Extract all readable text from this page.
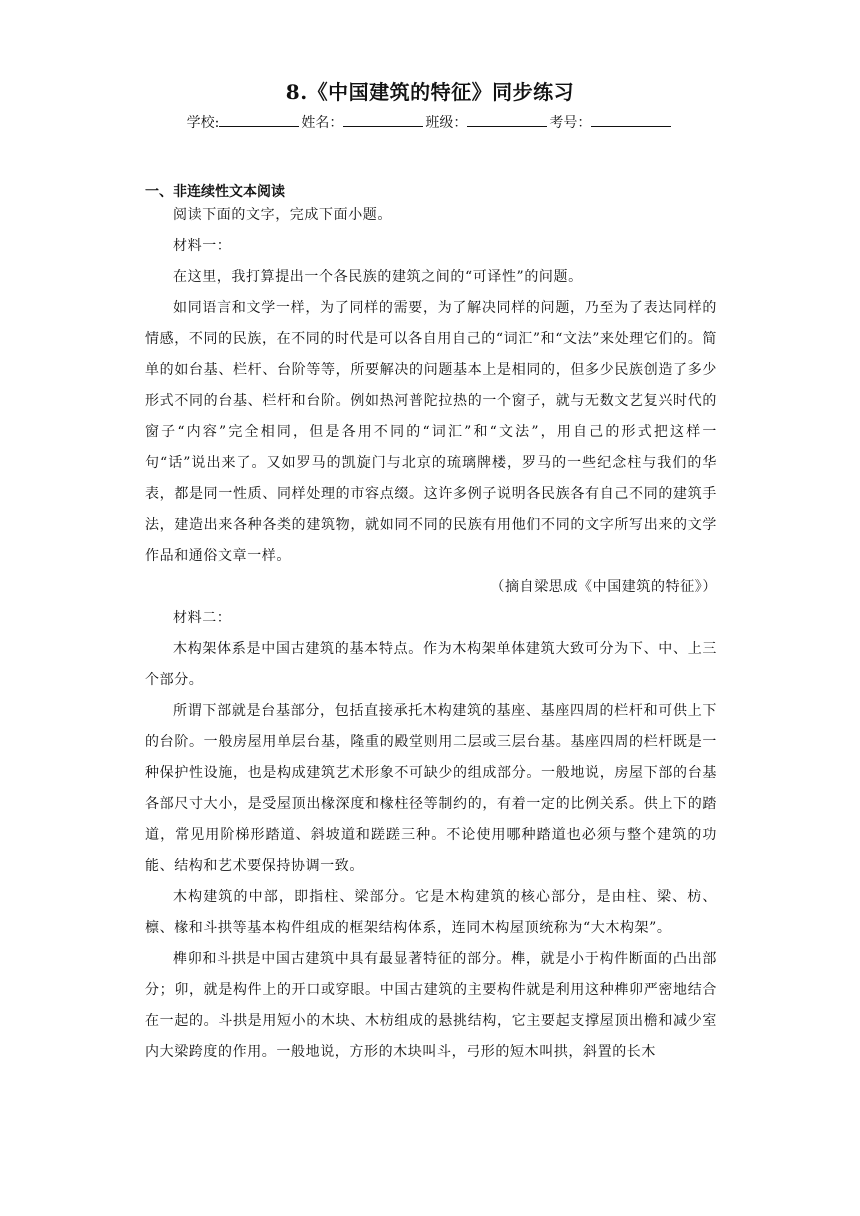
8.《中国建筑的特征》同步练习
学校:	姓名：	班级：	考号：
一、非连续性文本阅读

阅读下面的文字，完成下面小题。

材料一：

在这里，我打算提出一个各民族的建筑之间的“可译性”的问题。

如同语言和文学一样，为了同样的需要，为了解决同样的问题，乃至为了表达同样的情感，不同的民族，在不同的时代是可以各自用自己的“词汇”和“文法”来处理它们的。简单的如台基、栏杆、台阶等等，所要解决的问题基本上是相同的，但多少民族创造了多少形式不同的台基、栏杆和台阶。例如热河普陀拉热的一个窗子，就与无数文艺复兴时代的窗子“内容”完全相同，但是各用不同的“词汇”和“文法”，用自己的形式把这样一句“话”说出来了。又如罗马的凯旋门与北京的琉璃牌楼，罗马的一些纪念柱与我们的华表，都是同一性质、同样处理的市容点缀。这许多例子说明各民族各有自己不同的建筑手法，建造出来各种各类的建筑物，就如同不同的民族有用他们不同的文字所写出来的文学作品和通俗文章一样。

（摘自梁思成《中国建筑的特征》）

材料二：

木构架体系是中国古建筑的基本特点。作为木构架单体建筑大致可分为下、中、上三个部分。

所谓下部就是台基部分，包括直接承托木构建筑的基座、基座四周的栏杆和可供上下的台阶。一般房屋用单层台基，隆重的殿堂则用二层或三层台基。基座四周的栏杆既是一种保护性设施，也是构成建筑艺术形象不可缺少的组成部分。一般地说，房屋下部的台基各部尺寸大小，是受屋顶出椽深度和椽柱径等制约的，有着一定的比例关系。供上下的踏道，常见用阶梯形踏道、斜坡道和蹉蹉三种。不论使用哪种踏道也必须与整个建筑的功能、结构和艺术要保持协调一致。

木构建筑的中部，即指柱、梁部分。它是木构建筑的核心部分，是由柱、梁、枋、檩、椽和斗拱等基本构件组成的框架结构体系，连同木构屋顶统称为“大木构架”。

榫卯和斗拱是中国古建筑中具有最显著特征的部分。榫，就是小于构件断面的凸出部分；卯，就是构件上的开口或穿眼。中国古建筑的主要构件就是利用这种榫卯严密地结合在一起的。斗拱是用短小的木块、木枋组成的悬挑结构，它主要起支撑屋顶出檐和减少室内大梁跨度的作用。一般地说，方形的木块叫斗，弓形的短木叫拱，斜置的长木
